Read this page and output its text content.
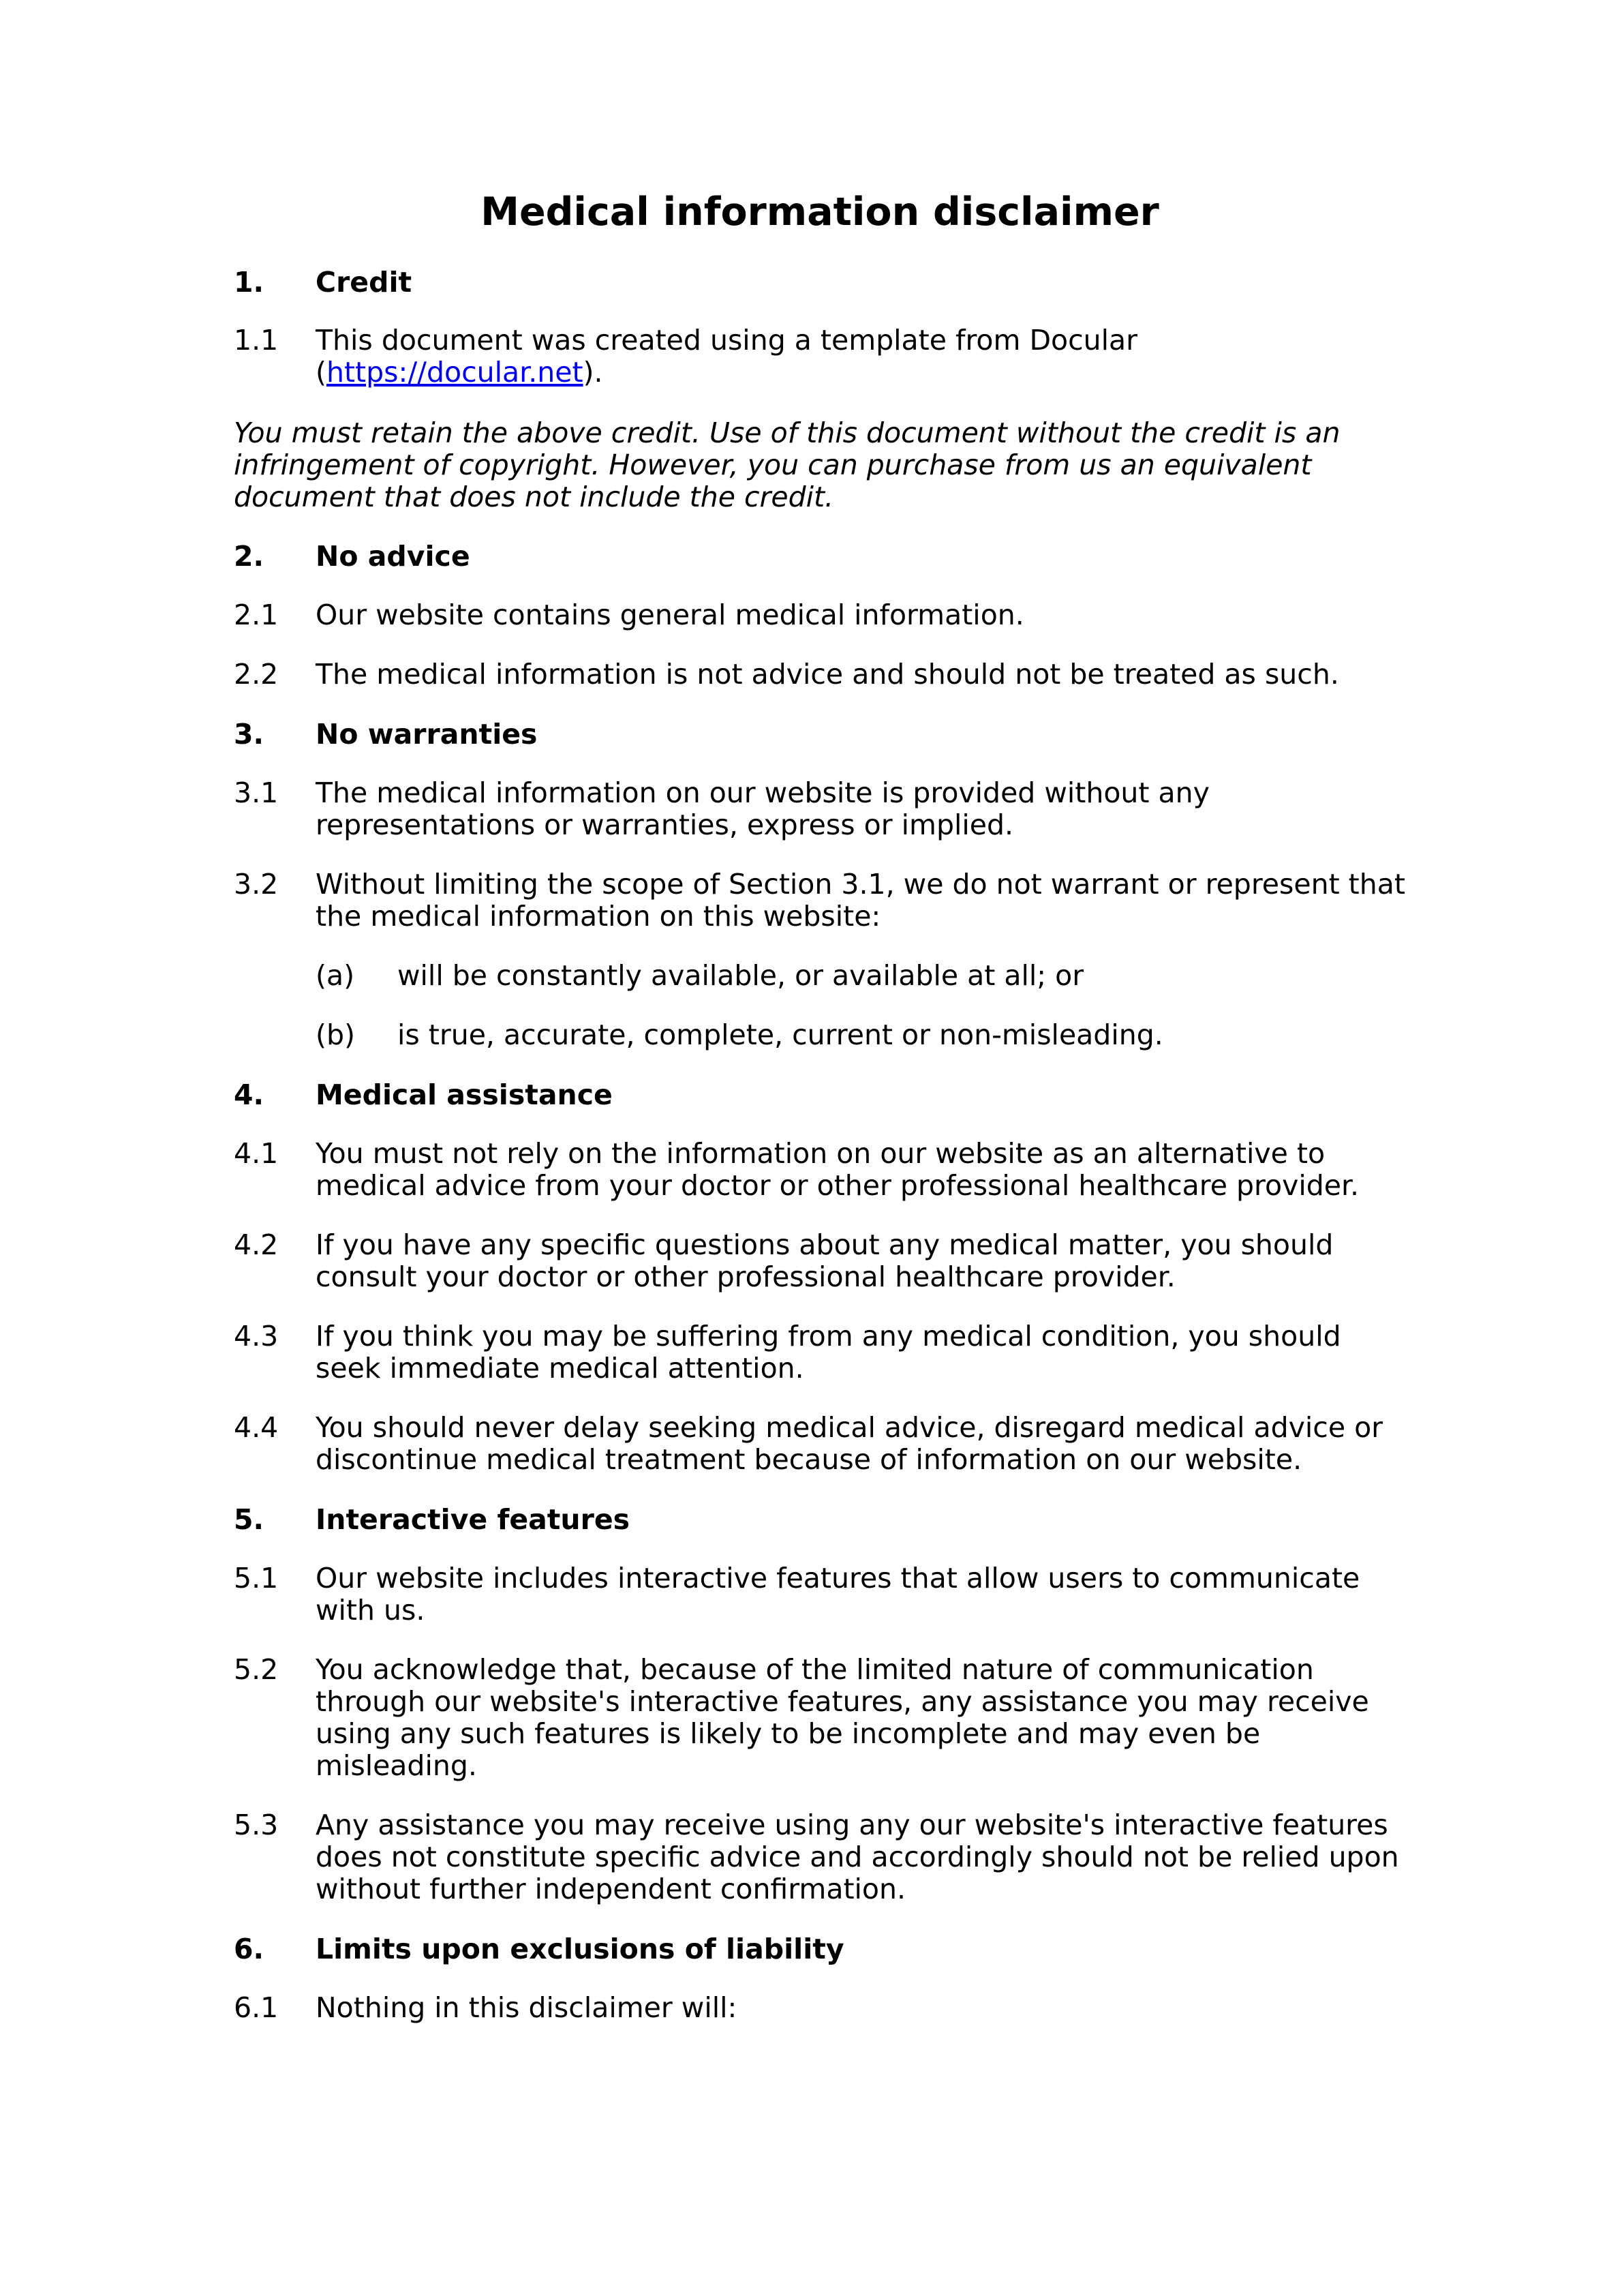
Medical information disclaimer
1. Credit
1.1 This document was created using a template from Docular (https://docular.net).
You must retain the above credit. Use of this document without the credit is an infringement of copyright. However, you can purchase from us an equivalent document that does not include the credit.
2. No advice
2.1 Our website contains general medical information.
2.2 The medical information is not advice and should not be treated as such.
3. No warranties
3.1 The medical information on our website is provided without any representations or warranties, express or implied.
3.2 Without limiting the scope of Section 3.1, we do not warrant or represent that the medical information on this website:
(a) will be constantly available, or available at all; or
(b) is true, accurate, complete, current or non-misleading.
4. Medical assistance
4.1 You must not rely on the information on our website as an alternative to medical advice from your doctor or other professional healthcare provider.
4.2 If you have any specific questions about any medical matter, you should consult your doctor or other professional healthcare provider.
4.3 If you think you may be suffering from any medical condition, you should seek immediate medical attention.
4.4 You should never delay seeking medical advice, disregard medical advice or discontinue medical treatment because of information on our website.
5. Interactive features
5.1 Our website includes interactive features that allow users to communicate with us.
5.2 You acknowledge that, because of the limited nature of communication through our website's interactive features, any assistance you may receive using any such features is likely to be incomplete and may even be misleading.
5.3 Any assistance you may receive using any our website's interactive features does not constitute specific advice and accordingly should not be relied upon without further independent confirmation.
6. Limits upon exclusions of liability
6.1 Nothing in this disclaimer will:
